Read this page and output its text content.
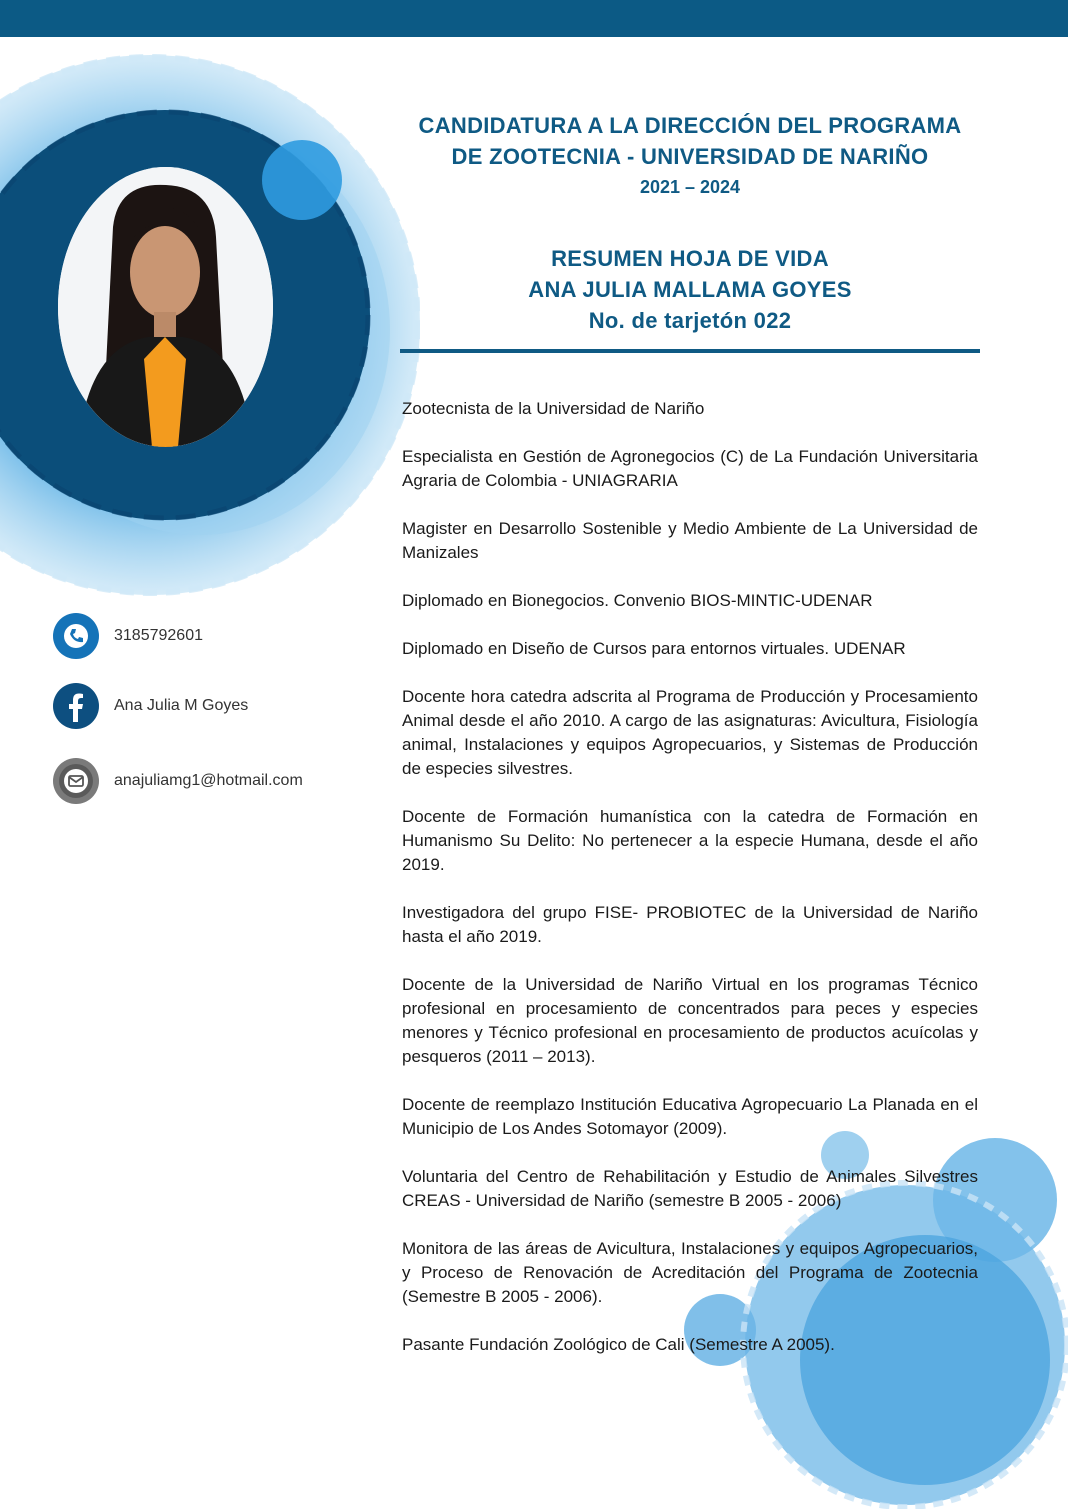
CANDIDATURA A LA DIRECCIÓN DEL PROGRAMA
DE ZOOTECNIA - UNIVERSIDAD DE NARIÑO
2021 – 2024
RESUMEN HOJA DE VIDA
ANA JULIA MALLAMA GOYES
No. de tarjetón 022
3185792601
Ana Julia M Goyes
anajuliamg1@hotmail.com

Zootecnista de la Universidad de Nariño

Especialista en Gestión de Agronegocios (C) de La Fundación Universitaria Agraria de Colombia - UNIAGRARIA

Magister en Desarrollo Sostenible y Medio Ambiente de La Universidad de Manizales

Diplomado en Bionegocios. Convenio BIOS-MINTIC-UDENAR

Diplomado en Diseño de Cursos para entornos virtuales. UDENAR

Docente hora catedra adscrita al Programa de Producción y Procesamiento Animal desde el año 2010. A cargo de las asignaturas: Avicultura, Fisiología animal, Instalaciones y equipos Agropecuarios, y Sistemas de Producción de especies silvestres.

Docente de Formación humanística con la catedra de Formación en Humanismo Su Delito: No pertenecer a la especie Humana, desde el año 2019.

Investigadora del grupo FISE- PROBIOTEC de la Universidad de Nariño hasta el año 2019.

Docente de la Universidad de Nariño Virtual en los programas Técnico profesional en procesamiento de concentrados para peces y especies menores y Técnico profesional en procesamiento de productos acuícolas y pesqueros (2011 – 2013).

Docente de reemplazo Institución Educativa Agropecuario La Planada en el Municipio de Los Andes Sotomayor (2009).

Voluntaria del Centro de Rehabilitación y Estudio de Animales Silvestres CREAS - Universidad de Nariño (semestre B 2005 - 2006)

Monitora de las áreas de Avicultura, Instalaciones y equipos Agropecuarios, y Proceso de Renovación de Acreditación del Programa de Zootecnia (Semestre B 2005 - 2006).

Pasante Fundación Zoológico de Cali (Semestre A 2005).
